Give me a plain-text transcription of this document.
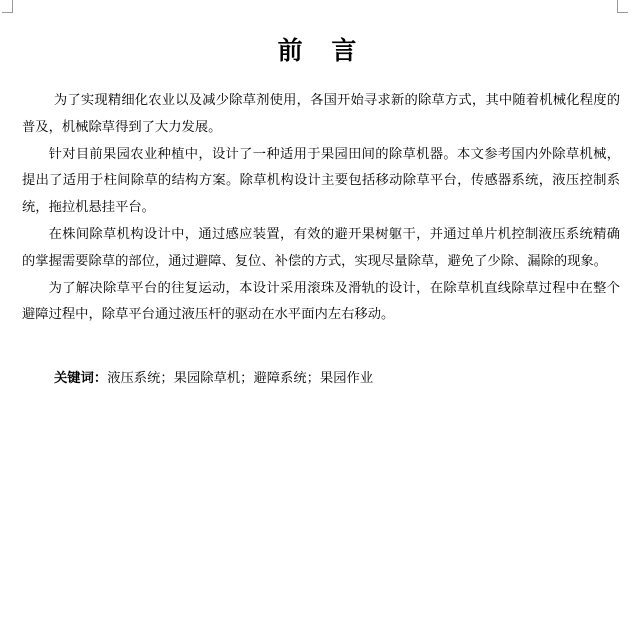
前 言

为了实现精细化农业以及减少除草剂使用，各国开始寻求新的除草方式，其中随着机械化程度的普及，机械除草得到了大力发展。

针对目前果园农业种植中，设计了一种适用于果园田间的除草机器。本文参考国内外除草机械，提出了适用于柱间除草的结构方案。除草机构设计主要包括移动除草平台，传感器系统，液压控制系统，拖拉机悬挂平台。

在株间除草机构设计中，通过感应装置，有效的避开果树躯干，并通过单片机控制液压系统精确的掌握需要除草的部位，通过避障、复位、补偿的方式，实现尽量除草，避免了少除、漏除的现象。

为了解决除草平台的往复运动，本设计采用滚珠及滑轨的设计，在除草机直线除草过程中在整个避障过程中，除草平台通过液压杆的驱动在水平面内左右移动。

关键词：液压系统；果园除草机；避障系统；果园作业
